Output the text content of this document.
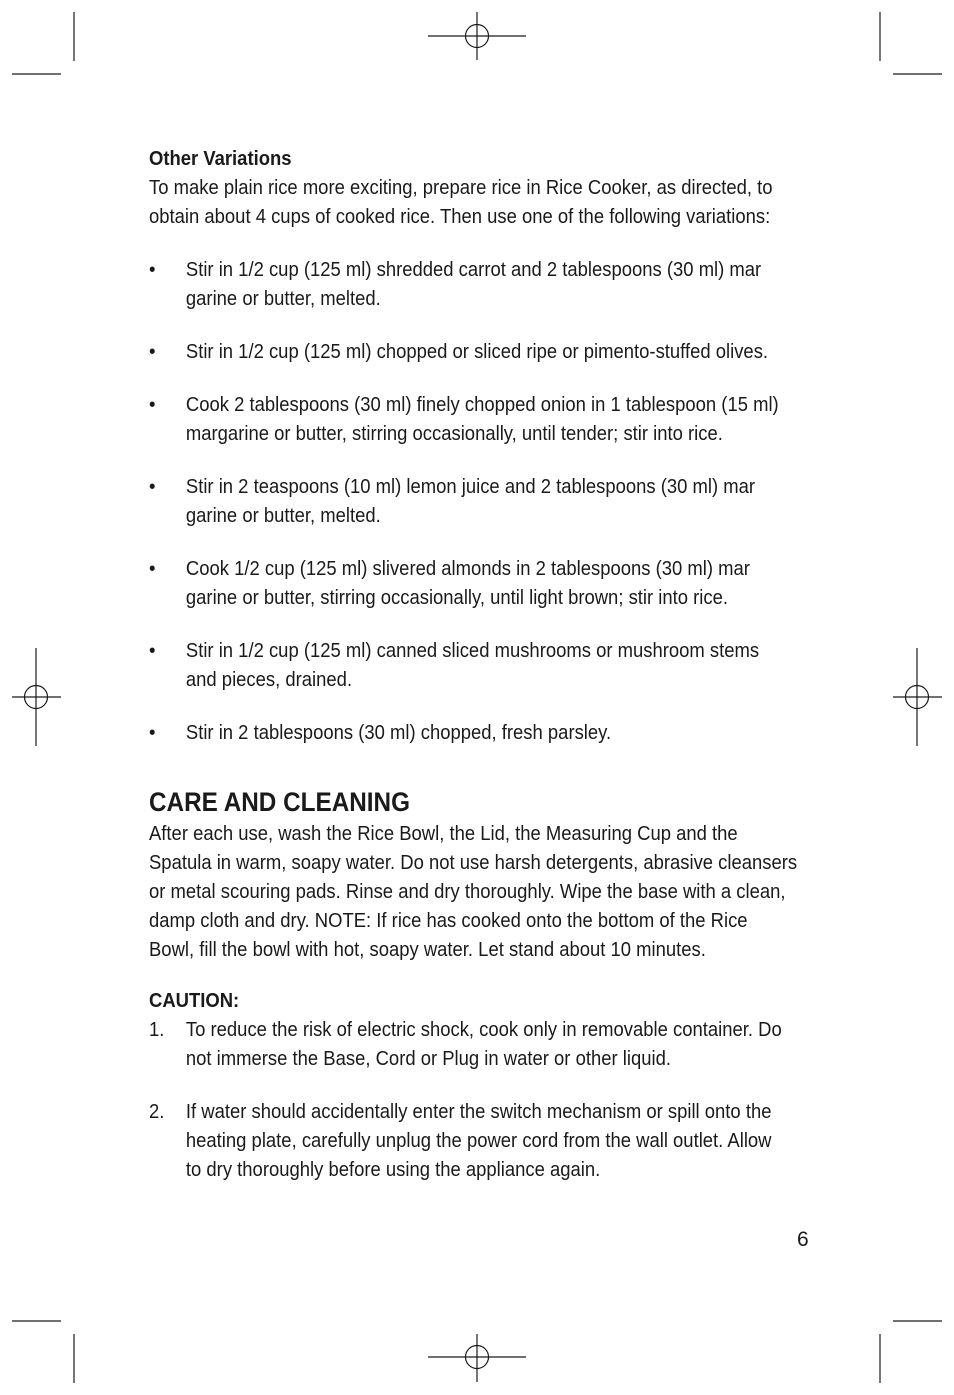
Other Variations

To make plain rice more exciting, prepare rice in Rice Cooker, as directed, to
obtain about 4 cups of cooked rice. Then use one of the following variations:

• Stir in 1/2 cup (125 ml) shredded carrot and 2 tablespoons (30 ml) mar
garine or butter, melted.
• Stir in 1/2 cup (125 ml) chopped or sliced ripe or pimento-stuffed olives.
• Cook 2 tablespoons (30 ml) finely chopped onion in 1 tablespoon (15 ml)
margarine or butter, stirring occasionally, until tender; stir into rice.
• Stir in 2 teaspoons (10 ml) lemon juice and 2 tablespoons (30 ml) mar
garine or butter, melted.
• Cook 1/2 cup (125 ml) slivered almonds in 2 tablespoons (30 ml) mar
garine or butter, stirring occasionally, until light brown; stir into rice.
• Stir in 1/2 cup (125 ml) canned sliced mushrooms or mushroom stems
and pieces, drained.
• Stir in 2 tablespoons (30 ml) chopped, fresh parsley.
CARE AND CLEANING

After each use, wash the Rice Bowl, the Lid, the Measuring Cup and the
Spatula in warm, soapy water. Do not use harsh detergents, abrasive cleansers
or metal scouring pads. Rinse and dry thoroughly. Wipe the base with a clean,
damp cloth and dry. NOTE: If rice has cooked onto the bottom of the Rice
Bowl, fill the bowl with hot, soapy water. Let stand about 10 minutes.

CAUTION:

1. To reduce the risk of electric shock, cook only in removable container. Do
not immerse the Base, Cord or Plug in water or other liquid.
2. If water should accidentally enter the switch mechanism or spill onto the
heating plate, carefully unplug the power cord from the wall outlet. Allow
to dry thoroughly before using the appliance again.
6
